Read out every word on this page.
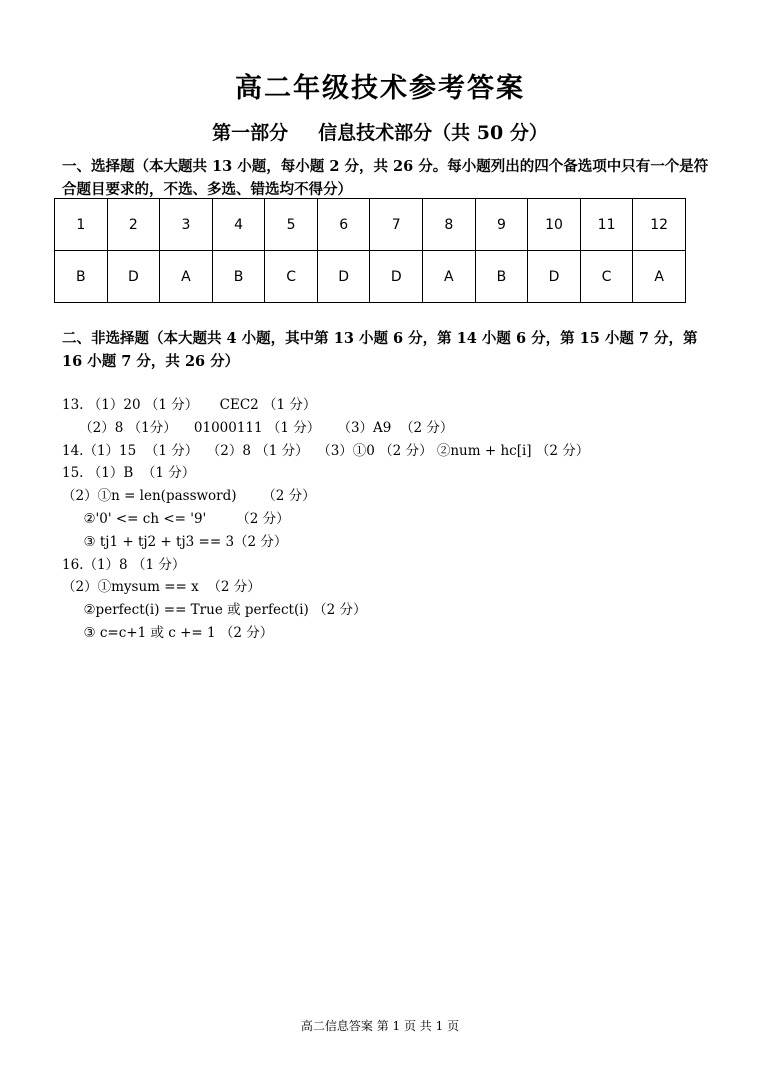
高二年级技术参考答案
第一部分 信息技术部分（共 50 分）
一、选择题（本大题共 13 小题，每小题 2 分，共 26 分。每小题列出的四个备选项中只有一个是符合题目要求的，不选、多选、错选均不得分）
1	2	3	4	5	6	7	8	9	10	11	12
B	D	A	B	C	D	D	A	B	D	C	A
二、非选择题（本大题共 4 小题，其中第 13 小题 6 分，第 14 小题 6 分，第 15 小题 7 分，第 16 小题 7 分，共 26 分）
13. （1）20 （1 分）     CEC2 （1 分）
（2）8 （1分）    01000111 （1 分）    （3）A9  （2 分）
14.（1）15  （1 分）  （2）8 （1 分）  （3）①0 （2 分） ②num + hc[i] （2 分）
15. （1）B  （1 分）
（2）①n = len(password)      （2 分）
②'0' <= ch <= '9'       （2 分）
③ tj1 + tj2 + tj3 == 3（2 分）
16.（1）8 （1 分）
（2）①mysum == x  （2 分）
②perfect(i) == True 或 perfect(i) （2 分）
③ c=c+1 或 c += 1 （2 分）
高二信息答案 第 1 页 共 1 页
